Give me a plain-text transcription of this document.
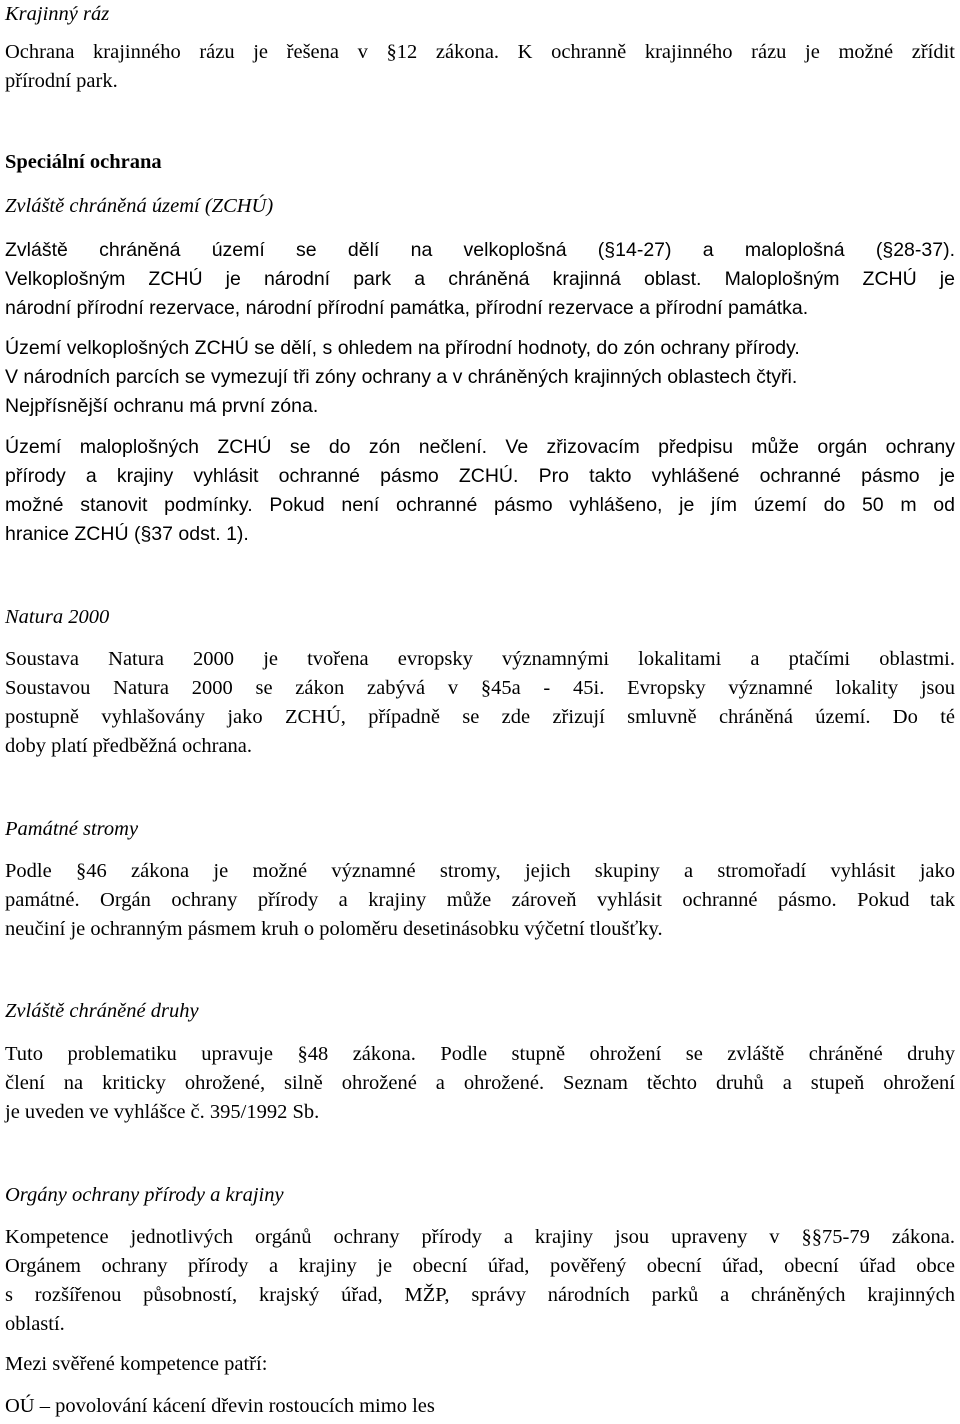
Krajinný ráz
Ochrana krajinného rázu je řešena v §12 zákona. K ochranně krajinného rázu je možné zřídit
přírodní park.
Speciální ochrana
Zvláště chráněná území (ZCHÚ)
Zvláště chráněná území se dělí na velkoplošná (§14-27) a maloplošná (§28-37).
Velkoplošným ZCHÚ je národní park a chráněná krajinná oblast. Maloplošným ZCHÚ je
národní přírodní rezervace, národní přírodní památka, přírodní rezervace a přírodní památka.
Území velkoplošných ZCHÚ se dělí, s ohledem na přírodní hodnoty, do zón ochrany přírody.
V národních parcích se vymezují tři zóny ochrany a v chráněných krajinných oblastech čtyři.
Nejpřísnější ochranu má první zóna.
Území maloplošných ZCHÚ se do zón nečlení. Ve zřizovacím předpisu může orgán ochrany
přírody a krajiny vyhlásit ochranné pásmo ZCHÚ. Pro takto vyhlášené ochranné pásmo je
možné stanovit podmínky. Pokud není ochranné pásmo vyhlášeno, je jím území do 50 m od
hranice ZCHÚ (§37 odst. 1).
Natura 2000
Soustava Natura 2000 je tvořena evropsky významnými lokalitami a ptačími oblastmi.
Soustavou Natura 2000 se zákon zabývá v §45a - 45i. Evropsky významné lokality jsou
postupně vyhlašovány jako ZCHÚ, případně se zde zřizují smluvně chráněná území. Do té
doby platí předběžná ochrana.
Památné stromy
Podle §46 zákona je možné významné stromy, jejich skupiny a stromořadí vyhlásit jako
památné. Orgán ochrany přírody a krajiny může zároveň vyhlásit ochranné pásmo. Pokud tak
neučiní je ochranným pásmem kruh o poloměru desetinásobku výčetní tloušťky.
Zvláště chráněné druhy
Tuto problematiku upravuje §48 zákona. Podle stupně ohrožení se zvláště chráněné druhy
člení na kriticky ohrožené, silně ohrožené a ohrožené. Seznam těchto druhů a stupeň ohrožení
je uveden ve vyhlášce č. 395/1992 Sb.
Orgány ochrany přírody a krajiny
Kompetence jednotlivých orgánů ochrany přírody a krajiny jsou upraveny v §§75-79 zákona.
Orgánem ochrany přírody a krajiny je obecní úřad, pověřený obecní úřad, obecní úřad obce
s rozšířenou působností, krajský úřad, MŽP, správy národních parků a chráněných krajinných
oblastí.
Mezi svěřené kompetence patří:
OÚ – povolování kácení dřevin rostoucích mimo les
